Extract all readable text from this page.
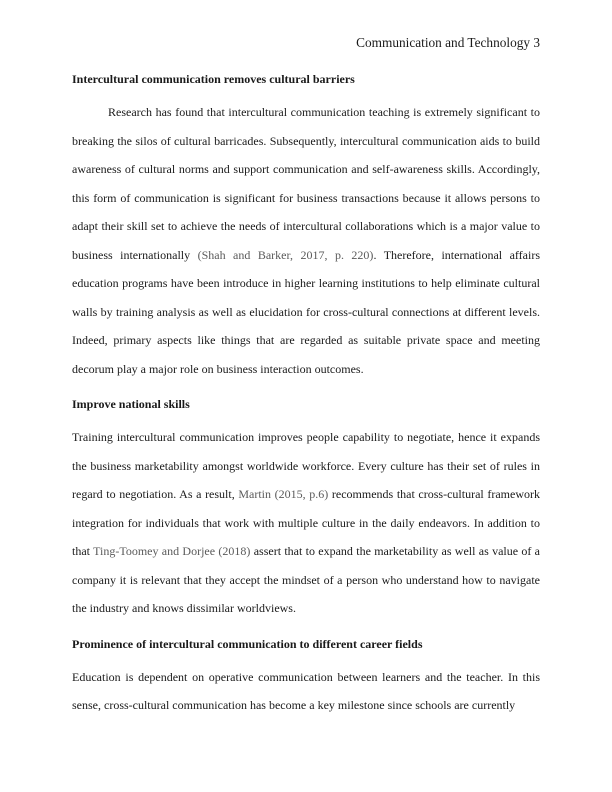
Communication and Technology 3

Intercultural communication removes cultural barriers

Research has found that intercultural communication teaching is extremely significant to breaking the silos of cultural barricades. Subsequently, intercultural communication aids to build awareness of cultural norms and support communication and self-awareness skills. Accordingly, this form of communication is significant for business transactions because it allows persons to adapt their skill set to achieve the needs of intercultural collaborations which is a major value to business internationally (Shah and Barker, 2017, p. 220). Therefore, international affairs education programs have been introduce in higher learning institutions to help eliminate cultural walls by training analysis as well as elucidation for cross-cultural connections at different levels. Indeed, primary aspects like things that are regarded as suitable private space and meeting decorum play a major role on business interaction outcomes.

Improve national skills

Training intercultural communication improves people capability to negotiate, hence it expands the business marketability amongst worldwide workforce. Every culture has their set of rules in regard to negotiation. As a result, Martin (2015, p.6) recommends that cross-cultural framework integration for individuals that work with multiple culture in the daily endeavors. In addition to that Ting-Toomey and Dorjee (2018) assert that to expand the marketability as well as value of a company it is relevant that they accept the mindset of a person who understand how to navigate the industry and knows dissimilar worldviews.

Prominence of intercultural communication to different career fields

Education is dependent on operative communication between learners and the teacher. In this sense, cross-cultural communication has become a key milestone since schools are currently
